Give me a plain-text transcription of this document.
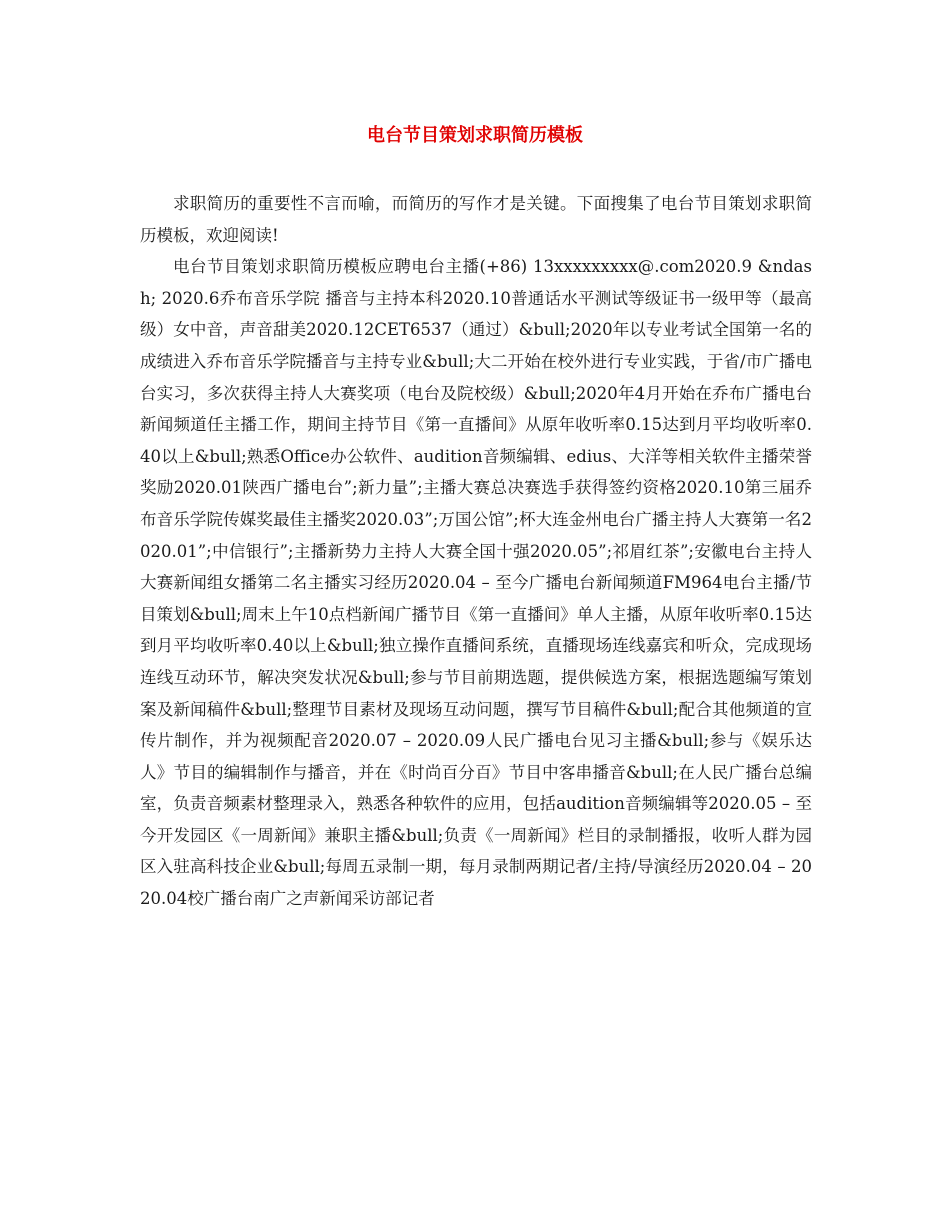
电台节目策划求职简历模板

求职简历的重要性不言而喻，而简历的写作才是关键。下面搜集了电台节目策划求职简历模板，欢迎阅读!

电台节目策划求职简历模板应聘电台主播(+86) 13xxxxxxxxx@.com2020.9 &ndash; 2020.6乔布音乐学院 播音与主持本科2020.10普通话水平测试等级证书一级甲等（最高级）女中音，声音甜美2020.12CET6537（通过）&bull;2020年以专业考试全国第一名的成绩进入乔布音乐学院播音与主持专业&bull;大二开始在校外进行专业实践，于省/市广播电台实习，多次获得主持人大赛奖项（电台及院校级）&bull;2020年4月开始在乔布广播电台新闻频道任主播工作，期间主持节目《第一直播间》从原年收听率0.15达到月平均收听率0.40以上&bull;熟悉Office办公软件、audition音频编辑、edius、大洋等相关软件主播荣誉奖励2020.01陕西广播电台”;新力量”;主播大赛总决赛选手获得签约资格2020.10第三届乔布音乐学院传媒奖最佳主播奖2020.03”;万国公馆”;杯大连金州电台广播主持人大赛第一名2020.01”;中信银行”;主播新势力主持人大赛全国十强2020.05”;祁眉红茶”;安徽电台主持人大赛新闻组女播第二名主播实习经历2020.04 – 至今广播电台新闻频道FM964电台主播/节目策划&bull;周末上午10点档新闻广播节目《第一直播间》单人主播，从原年收听率0.15达到月平均收听率0.40以上&bull;独立操作直播间系统，直播现场连线嘉宾和听众，完成现场连线互动环节，解决突发状况&bull;参与节目前期选题，提供候选方案，根据选题编写策划案及新闻稿件&bull;整理节目素材及现场互动问题，撰写节目稿件&bull;配合其他频道的宣传片制作，并为视频配音2020.07 – 2020.09人民广播电台见习主播&bull;参与《娱乐达人》节目的编辑制作与播音，并在《时尚百分百》节目中客串播音&bull;在人民广播台总编室，负责音频素材整理录入，熟悉各种软件的应用，包括audition音频编辑等2020.05 – 至今开发园区《一周新闻》兼职主播&bull;负责《一周新闻》栏目的录制播报，收听人群为园区入驻高科技企业&bull;每周五录制一期，每月录制两期记者/主持/导演经历2020.04 – 2020.04校广播台南广之声新闻采访部记者
